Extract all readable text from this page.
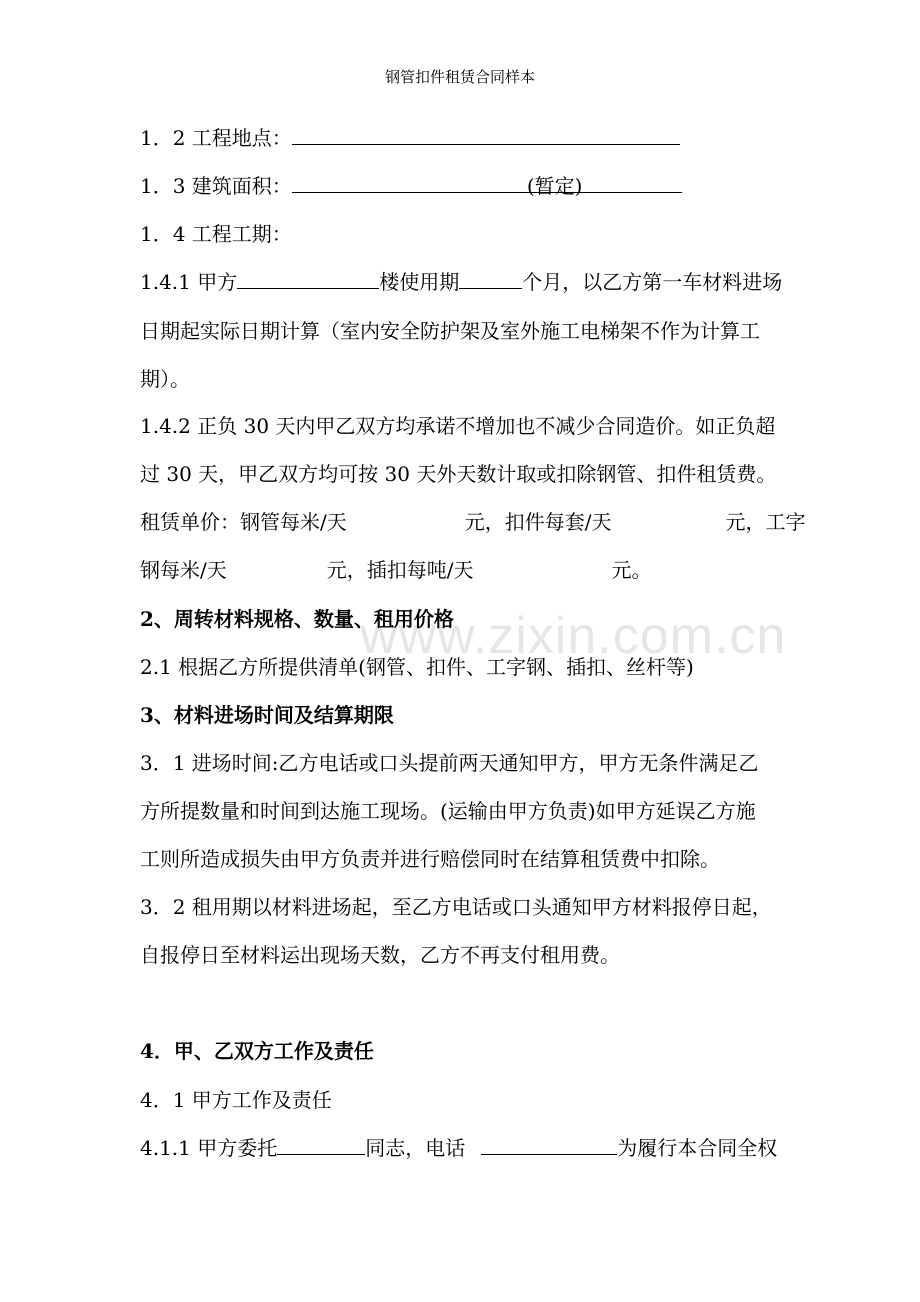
钢管扣件租赁合同样本
www.zixin.com.cn
1．2 工程地点：
1．3 建筑面积：	(暂定)
1．4 工程工期：
1.4.1 甲方	楼使用期	个月，以乙方第一车材料进场
日期起实际日期计算（室内安全防护架及室外施工电梯架不作为计算工
期）。
1.4.2 正负 30 天内甲乙双方均承诺不增加也不减少合同造价。如正负超
过 30 天，甲乙双方均可按 30 天外天数计取或扣除钢管、扣件租赁费。
租赁单价：钢管每米/天	元，扣件每套/天	元，工字
钢每米/天	元，插扣每吨/天	元。
2、周转材料规格、数量、租用价格
2.1 根据乙方所提供清单(钢管、扣件、工字钢、插扣、丝杆等)
3、材料进场时间及结算期限
3．1 进场时间:乙方电话或口头提前两天通知甲方，甲方无条件满足乙
方所提数量和时间到达施工现场。(运输由甲方负责)如甲方延误乙方施
工则所造成损失由甲方负责并进行赔偿同时在结算租赁费中扣除。
3．2 租用期以材料进场起，至乙方电话或口头通知甲方材料报停日起，
自报停日至材料运出现场天数，乙方不再支付租用费。
4．甲、乙双方工作及责任
4．1 甲方工作及责任
4.1.1 甲方委托	同志，电话	为履行本合同全权
